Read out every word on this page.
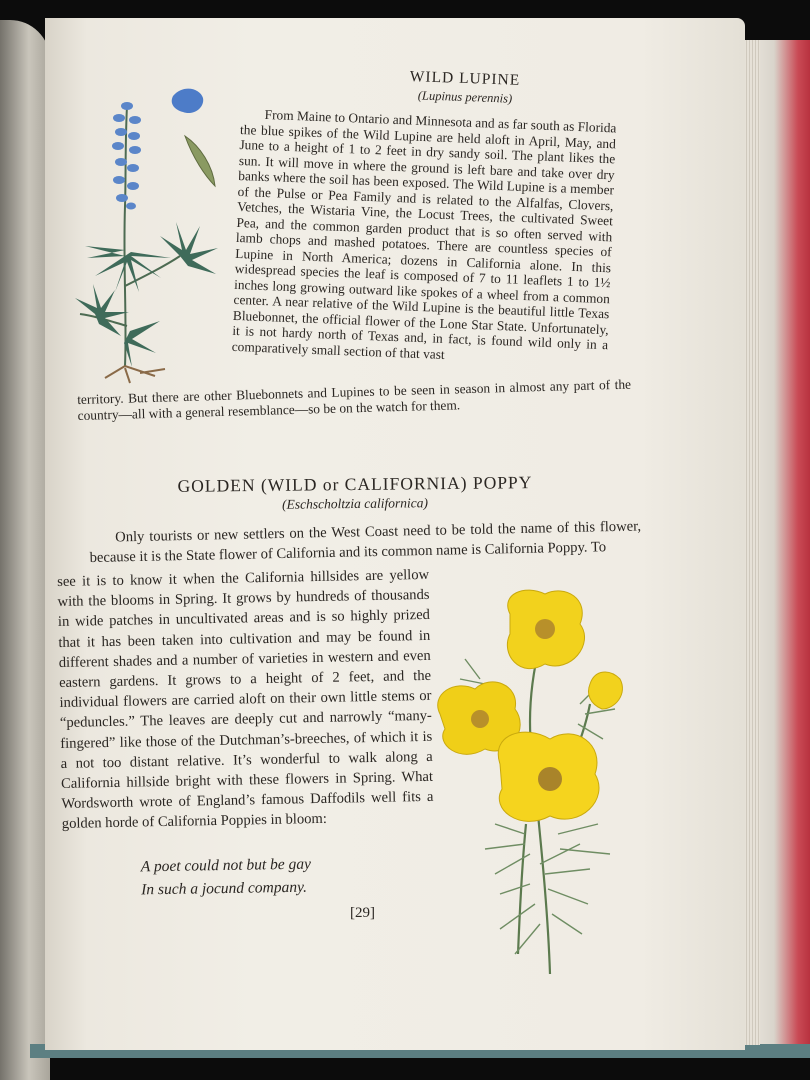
WILD LUPINE
(Lupinus perennis)

From Maine to Ontario and Minnesota and as far south as Florida the blue spikes of the Wild Lupine are held aloft in April, May, and June to a height of 1 to 2 feet in dry sandy soil. The plant likes the sun. It will move in where the ground is left bare and take over dry banks where the soil has been exposed. The Wild Lupine is a member of the Pulse or Pea Family and is related to the Alfalfas, Clovers, Vetches, the Wistaria Vine, the Locust Trees, the cultivated Sweet Pea, and the common garden product that is so often served with lamb chops and mashed potatoes. There are countless species of Lupine in North America; dozens in California alone. In this widespread species the leaf is composed of 7 to 11 leaflets 1 to 1½ inches long growing outward like spokes of a wheel from a common center. A near relative of the Wild Lupine is the beautiful little Texas Bluebonnet, the official flower of the Lone Star State. Unfortunately, it is not hardy north of Texas and, in fact, is found wild only in a comparatively small section of that vast

territory. But there are other Bluebonnets and Lupines to be seen in season in almost any part of the country—all with a general resemblance—so be on the watch for them.

GOLDEN (WILD or CALIFORNIA) POPPY
(Eschscholtzia californica)

Only tourists or new settlers on the West Coast need to be told the name of this flower, because it is the State flower of California and its common name is California Poppy. To

see it is to know it when the California hillsides are yellow with the blooms in Spring. It grows by hundreds of thousands in wide patches in uncultivated areas and is so highly prized that it has been taken into cultivation and may be found in different shades and a number of varieties in western and even eastern gardens. It grows to a height of 2 feet, and the individual flowers are carried aloft on their own little stems or “peduncles.” The leaves are deeply cut and narrowly “many-fingered” like those of the Dutchman’s-breeches, of which it is a not too distant relative. It’s wonderful to walk along a California hillside bright with these flowers in Spring. What Wordsworth wrote of England’s famous Daffodils well fits a golden horde of California Poppies in bloom:

A poet could not but be gay
In such a jocund company.
[29]
